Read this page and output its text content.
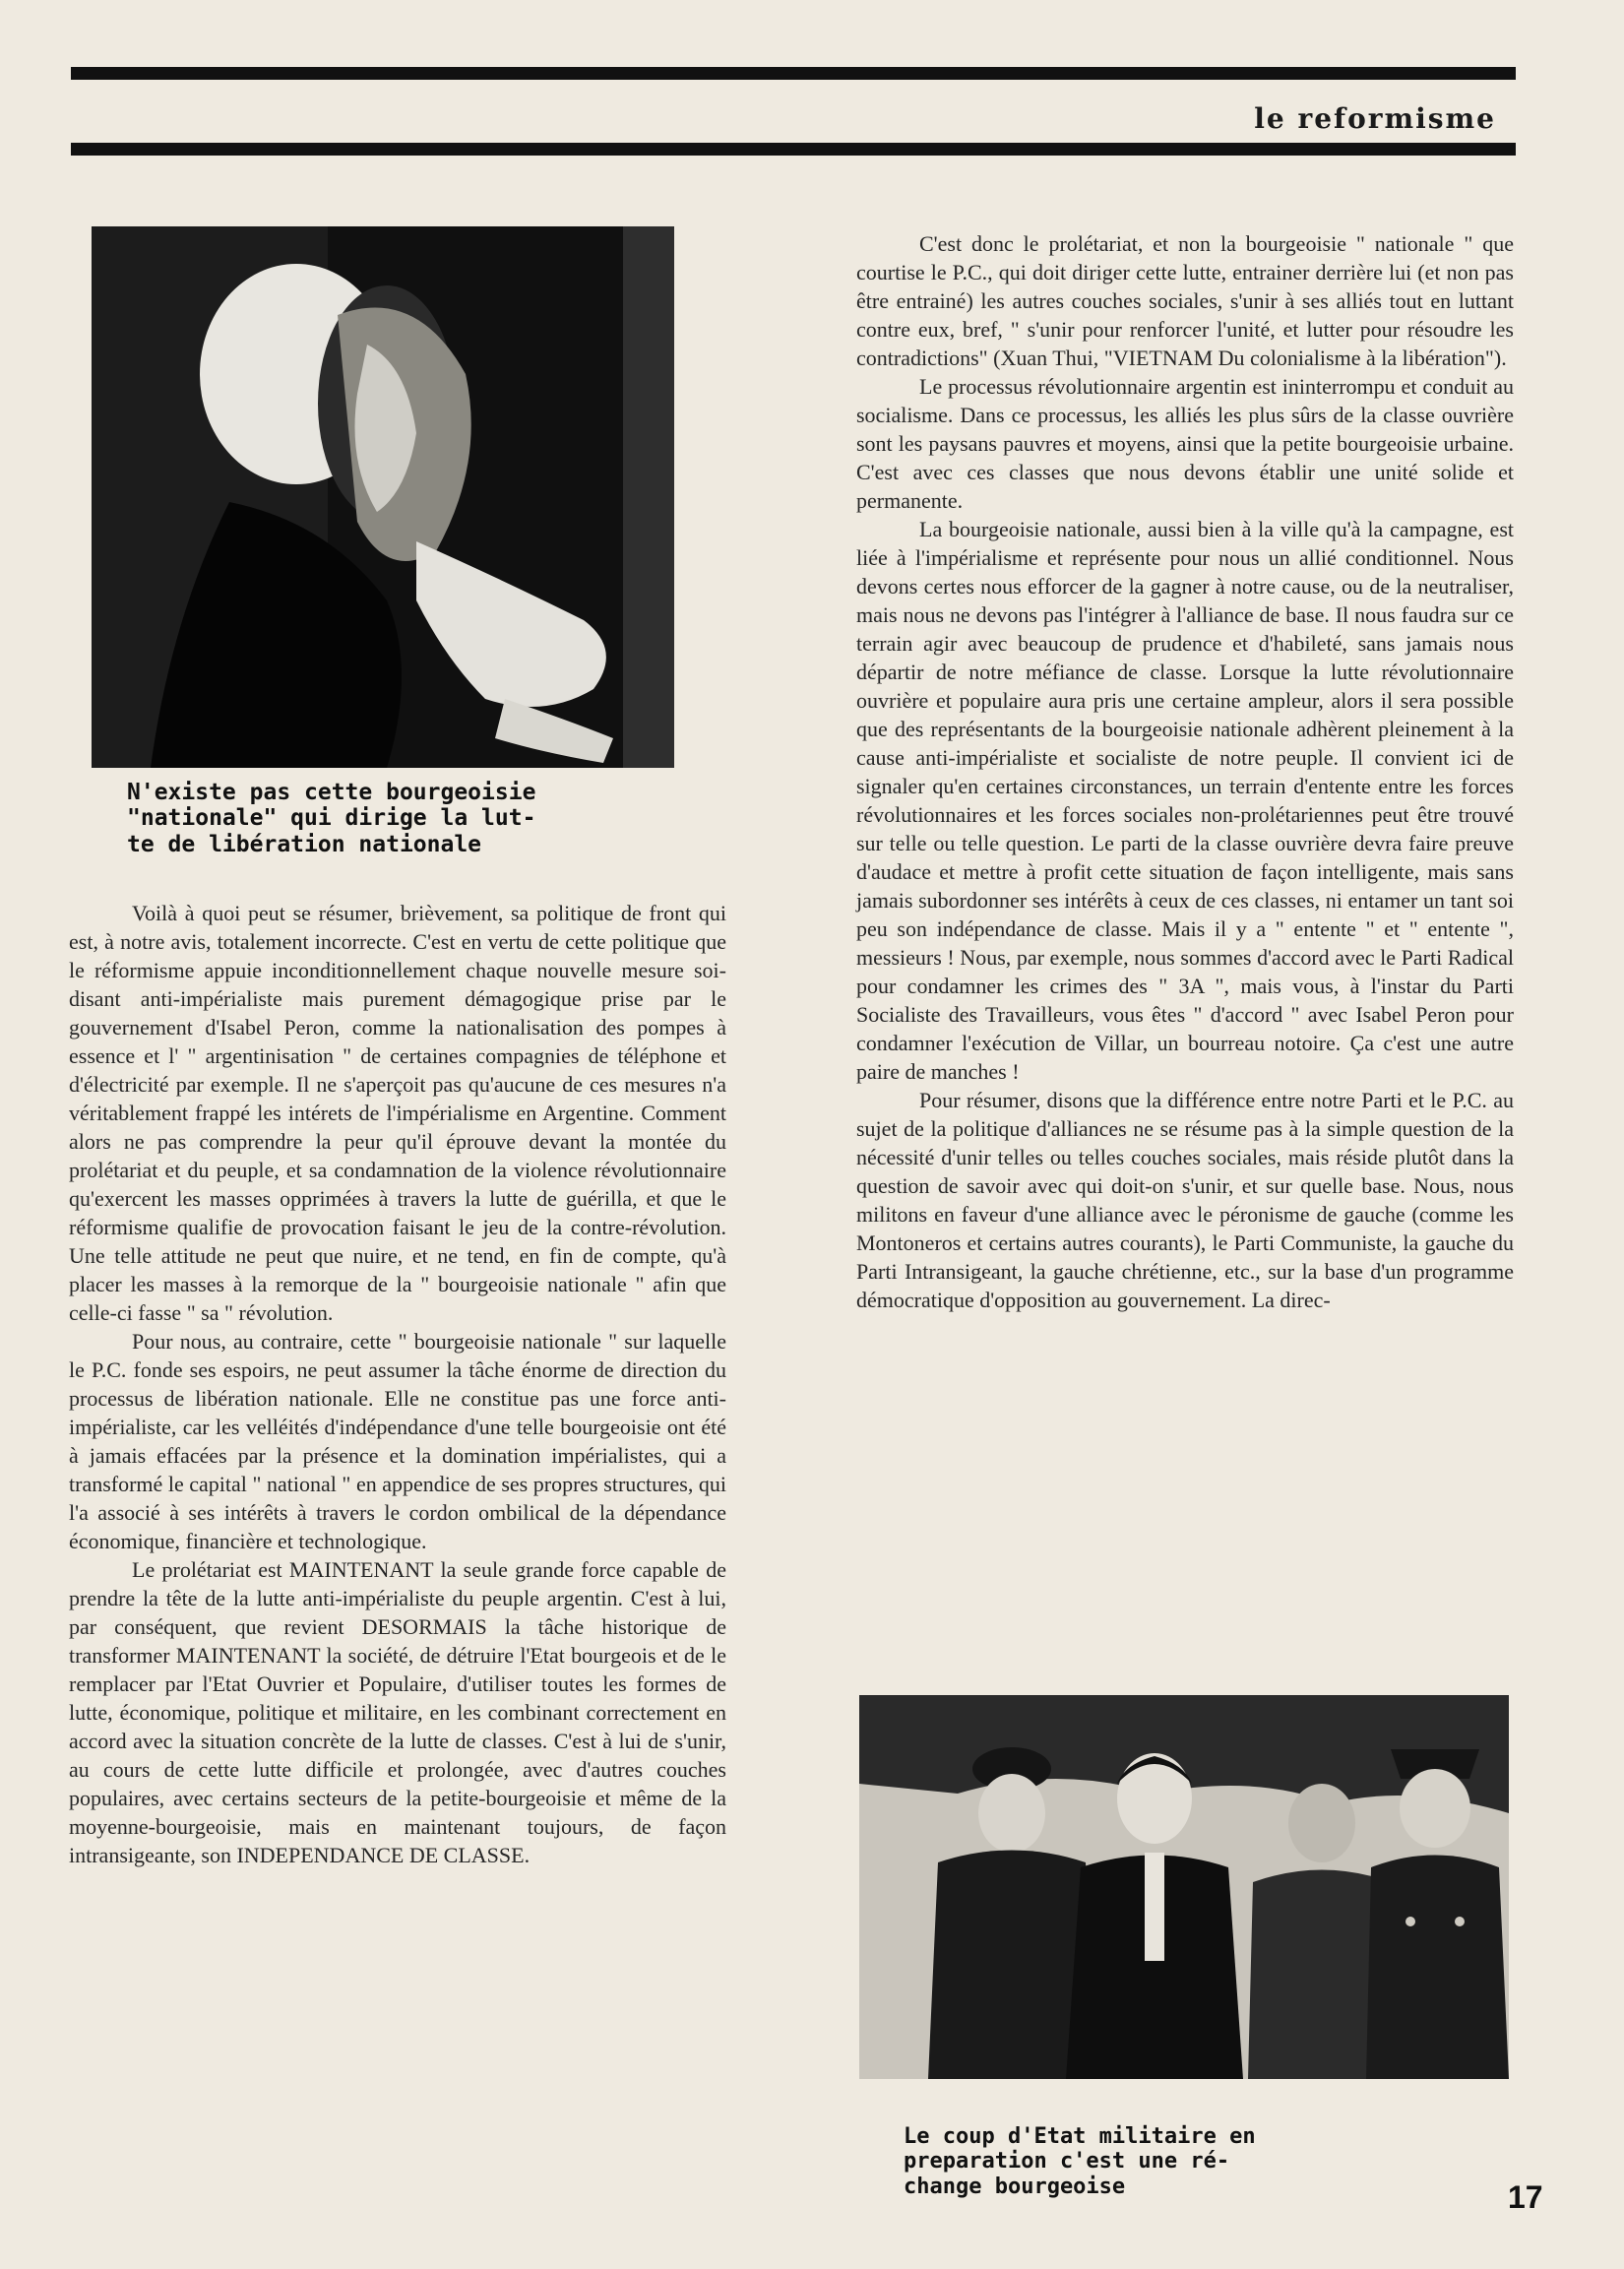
le reformisme
N'existe pas cette bourgeoisie
"nationale" qui dirige la lut-
te de libération nationale

Voilà à quoi peut se résumer, brièvement, sa politique de front qui est, à notre avis, totalement incorrecte. C'est en vertu de cette politique que le réformisme appuie inconditionnellement chaque nouvelle mesure soi-disant anti-impérialiste mais purement démagogique prise par le gouvernement d'Isabel Peron, comme la nationalisation des pompes à essence et l' " argentinisation " de certaines compagnies de téléphone et d'électricité par exemple. Il ne s'aperçoit pas qu'aucune de ces mesures n'a véritablement frappé les intérets de l'impérialisme en Argentine. Comment alors ne pas comprendre la peur qu'il éprouve devant la montée du prolétariat et du peuple, et sa condamnation de la violence révolutionnaire qu'exercent les masses opprimées à travers la lutte de guérilla, et que le réformisme qualifie de provocation faisant le jeu de la contre-révolution. Une telle attitude ne peut que nuire, et ne tend, en fin de compte, qu'à placer les masses à la remorque de la " bourgeoisie nationale " afin que celle-ci fasse " sa " révolution.

Pour nous, au contraire, cette " bourgeoisie nationale " sur laquelle le P.C. fonde ses espoirs, ne peut assumer la tâche énorme de direction du processus de libération nationale. Elle ne constitue pas une force anti-impérialiste, car les velléités d'indépendance d'une telle bourgeoisie ont été à jamais effacées par la présence et la domination impérialistes, qui a transformé le capital " national " en appendice de ses propres structures, qui l'a associé à ses intérêts à travers le cordon ombilical de la dépendance économique, financière et technologique.

Le prolétariat est MAINTENANT la seule grande force capable de prendre la tête de la lutte anti-impérialiste du peuple argentin. C'est à lui, par conséquent, que revient DESORMAIS la tâche historique de transformer MAINTENANT la société, de détruire l'Etat bourgeois et de le remplacer par l'Etat Ouvrier et Populaire, d'utiliser toutes les formes de lutte, économique, politique et militaire, en les combinant correctement en accord avec la situation concrète de la lutte de classes. C'est à lui de s'unir, au cours de cette lutte difficile et prolongée, avec d'autres couches populaires, avec certains secteurs de la petite-bourgeoisie et même de la moyenne-bourgeoisie, mais en maintenant toujours, de façon intransigeante, son INDEPENDANCE DE CLASSE.

C'est donc le prolétariat, et non la bourgeoisie " nationale " que courtise le P.C., qui doit diriger cette lutte, entrainer derrière lui (et non pas être entrainé) les autres couches sociales, s'unir à ses alliés tout en luttant contre eux, bref, " s'unir pour renforcer l'unité, et lutter pour résoudre les contradictions" (Xuan Thui, "VIETNAM Du colonialisme à la libération").

Le processus révolutionnaire argentin est ininterrompu et conduit au socialisme. Dans ce processus, les alliés les plus sûrs de la classe ouvrière sont les paysans pauvres et moyens, ainsi que la petite bourgeoisie urbaine. C'est avec ces classes que nous devons établir une unité solide et permanente.

La bourgeoisie nationale, aussi bien à la ville qu'à la campagne, est liée à l'impérialisme et représente pour nous un allié conditionnel. Nous devons certes nous efforcer de la gagner à notre cause, ou de la neutraliser, mais nous ne devons pas l'intégrer à l'alliance de base. Il nous faudra sur ce terrain agir avec beaucoup de prudence et d'habileté, sans jamais nous départir de notre méfiance de classe. Lorsque la lutte révolutionnaire ouvrière et populaire aura pris une certaine ampleur, alors il sera possible que des représentants de la bourgeoisie nationale adhèrent pleinement à la cause anti-impérialiste et socialiste de notre peuple. Il convient ici de signaler qu'en certaines circonstances, un terrain d'entente entre les forces révolutionnaires et les forces sociales non-prolétariennes peut être trouvé sur telle ou telle question. Le parti de la classe ouvrière devra faire preuve d'audace et mettre à profit cette situation de façon intelligente, mais sans jamais subordonner ses intérêts à ceux de ces classes, ni entamer un tant soi peu son indépendance de classe. Mais il y a " entente " et " entente ", messieurs ! Nous, par exemple, nous sommes d'accord avec le Parti Radical pour condamner les crimes des " 3A ", mais vous, à l'instar du Parti Socialiste des Travailleurs, vous êtes " d'accord " avec Isabel Peron pour condamner l'exécution de Villar, un bourreau notoire. Ça c'est une autre paire de manches !

Pour résumer, disons que la différence entre notre Parti et le P.C. au sujet de la politique d'alliances ne se résume pas à la simple question de la nécessité d'unir telles ou telles couches sociales, mais réside plutôt dans la question de savoir avec qui doit-on s'unir, et sur quelle base. Nous, nous militons en faveur d'une alliance avec le péronisme de gauche (comme les Montoneros et certains autres courants), le Parti Communiste, la gauche du Parti Intransigeant, la gauche chrétienne, etc., sur la base d'un programme démocratique d'opposition au gouvernement. La direc-

Le coup d'Etat militaire en
preparation c'est une ré-
change bourgeoise	17
